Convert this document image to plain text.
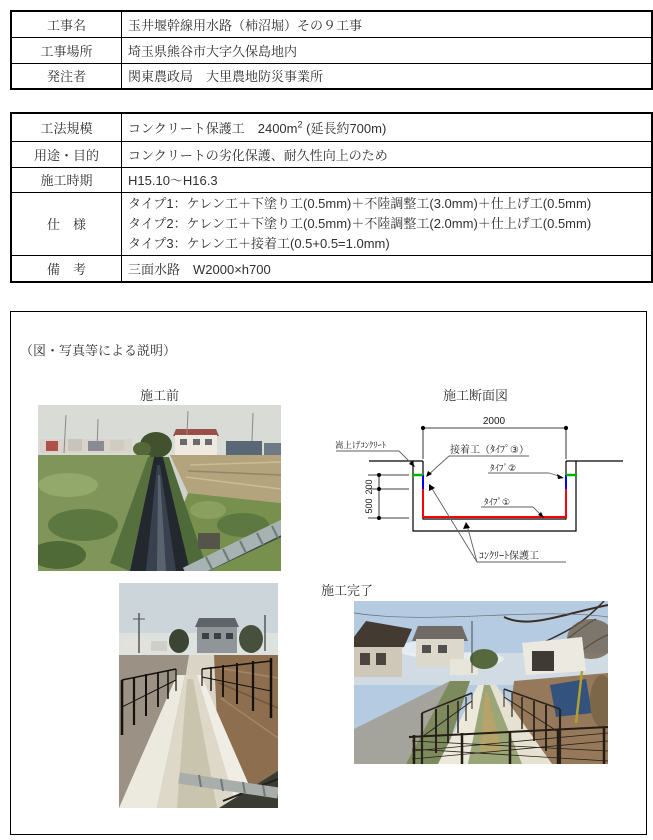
工事名	玉井堰幹線用水路（柿沼堀）その９工事
工事場所	埼玉県熊谷市大字久保島地内
発注者	関東農政局　大里農地防災事業所
工法規模	コンクリート保護工　$2400m^2$ (延長約700m)
用途・目的	コンクリートの劣化保護、耐久性向上のため
施工時期	H15.10～H16.3
仕　様	タイプ1：ケレン工＋下塗り工(0.5mm)＋不陸調整工(3.0mm)＋仕上げ工(0.5mm)
タイプ2：ケレン工＋下塗り工(0.5mm)＋不陸調整工(2.0mm)＋仕上げ工(0.5mm)
タイプ3：ケレン工＋接着工(0.5+0.5=1.0mm)

備　考	三面水路　W2000×h700
（図・写真等による説明）
施工前	施工断面図
施工完了
2000
200
500
嵩上げｺﾝｸﾘｰﾄ	接着工（ﾀｲﾌﾟ③）
ﾀｲﾌﾟ②
ﾀｲﾌﾟ①
ｺﾝｸﾘｰﾄ保護工
